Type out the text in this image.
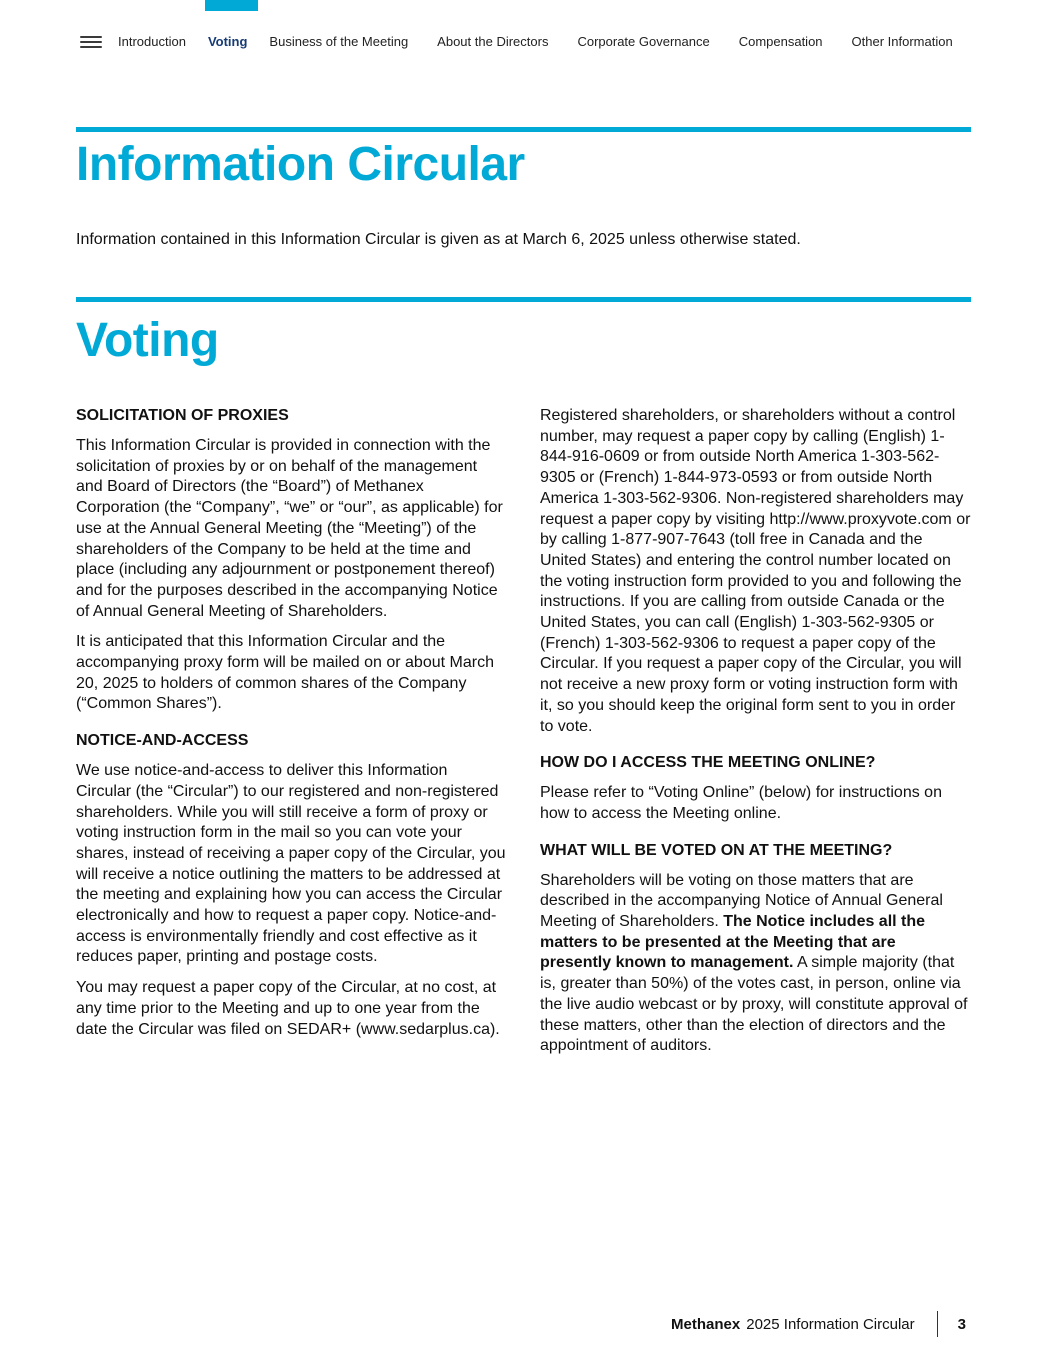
Introduction Voting Business of the Meeting About the Directors Corporate Governance Compensation Other Information
Information Circular

Information contained in this Information Circular is given as at March 6, 2025 unless otherwise stated.

Voting
SOLICITATION OF PROXIES

This Information Circular is provided in connection with the solicitation of proxies by or on behalf of the management and Board of Directors (the “Board”) of Methanex Corporation (the “Company”, “we” or “our”, as applicable) for use at the Annual General Meeting (the “Meeting”) of the shareholders of the Company to be held at the time and place (including any adjournment or postponement thereof) and for the purposes described in the accompanying Notice of Annual General Meeting of Shareholders.

It is anticipated that this Information Circular and the accompanying proxy form will be mailed on or about March 20, 2025 to holders of common shares of the Company (“Common Shares”).

NOTICE-AND-ACCESS

We use notice-and-access to deliver this Information Circular (the “Circular”) to our registered and non-registered shareholders. While you will still receive a form of proxy or voting instruction form in the mail so you can vote your shares, instead of receiving a paper copy of the Circular, you will receive a notice outlining the matters to be addressed at the meeting and explaining how you can access the Circular electronically and how to request a paper copy. Notice-and-access is environmentally friendly and cost effective as it reduces paper, printing and postage costs.

You may request a paper copy of the Circular, at no cost, at any time prior to the Meeting and up to one year from the date the Circular was filed on SEDAR+ (www.sedarplus.ca).

Registered shareholders, or shareholders without a control number, may request a paper copy by calling (English) 1-844-916-0609 or from outside North America 1-303-562-9305 or (French) 1-844-973-0593 or from outside North America 1-303-562-9306. Non-registered shareholders may request a paper copy by visiting http://www.proxyvote.com or by calling 1-877-907-7643 (toll free in Canada and the United States) and entering the control number located on the voting instruction form provided to you and following the instructions. If you are calling from outside Canada or the United States, you can call (English) 1-303-562-9305 or (French) 1-303-562-9306 to request a paper copy of the Circular. If you request a paper copy of the Circular, you will not receive a new proxy form or voting instruction form with it, so you should keep the original form sent to you in order to vote.

HOW DO I ACCESS THE MEETING ONLINE?

Please refer to “Voting Online” (below) for instructions on how to access the Meeting online.

WHAT WILL BE VOTED ON AT THE MEETING?

Shareholders will be voting on those matters that are described in the accompanying Notice of Annual General Meeting of Shareholders. The Notice includes all the matters to be presented at the Meeting that are presently known to management. A simple majority (that is, greater than 50%) of the votes cast, in person, online via the live audio webcast or by proxy, will constitute approval of these matters, other than the election of directors and the appointment of auditors.

Methanex 2025 Information Circular	3
